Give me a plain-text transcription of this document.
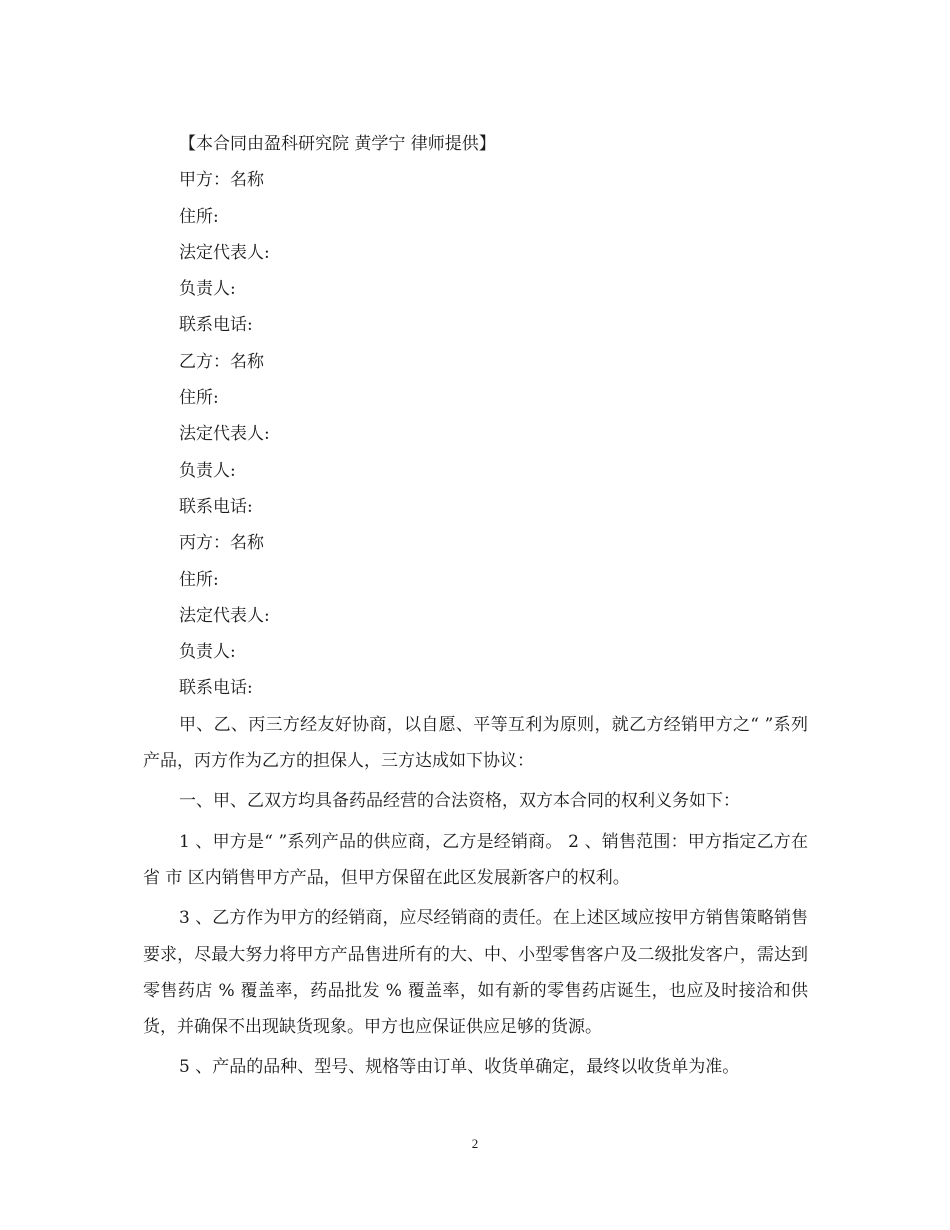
【本合同由盈科研究院 黄学宁 律师提供】
甲方：名称
住所:
法定代表人:
负责人:
联系电话:
乙方：名称
住所:
法定代表人:
负责人:
联系电话:
丙方：名称
住所:
法定代表人:
负责人:
联系电话:

甲、乙、丙三方经友好协商，以自愿、平等互利为原则，就乙方经销甲方之“ ”系列产品，丙方作为乙方的担保人，三方达成如下协议：

一、甲、乙双方均具备药品经营的合法资格，双方本合同的权利义务如下：

1 、甲方是“ ”系列产品的供应商，乙方是经销商。 2 、销售范围：甲方指定乙方在 省 市 区内销售甲方产品，但甲方保留在此区发展新客户的权利。

3 、乙方作为甲方的经销商，应尽经销商的责任。在上述区域应按甲方销售策略销售要求，尽最大努力将甲方产品售进所有的大、中、小型零售客户及二级批发客户，需达到零售药店 % 覆盖率，药品批发 % 覆盖率，如有新的零售药店诞生，也应及时接洽和供货，并确保不出现缺货现象。甲方也应保证供应足够的货源。

5 、产品的品种、型号、规格等由订单、收货单确定，最终以收货单为准。

2
